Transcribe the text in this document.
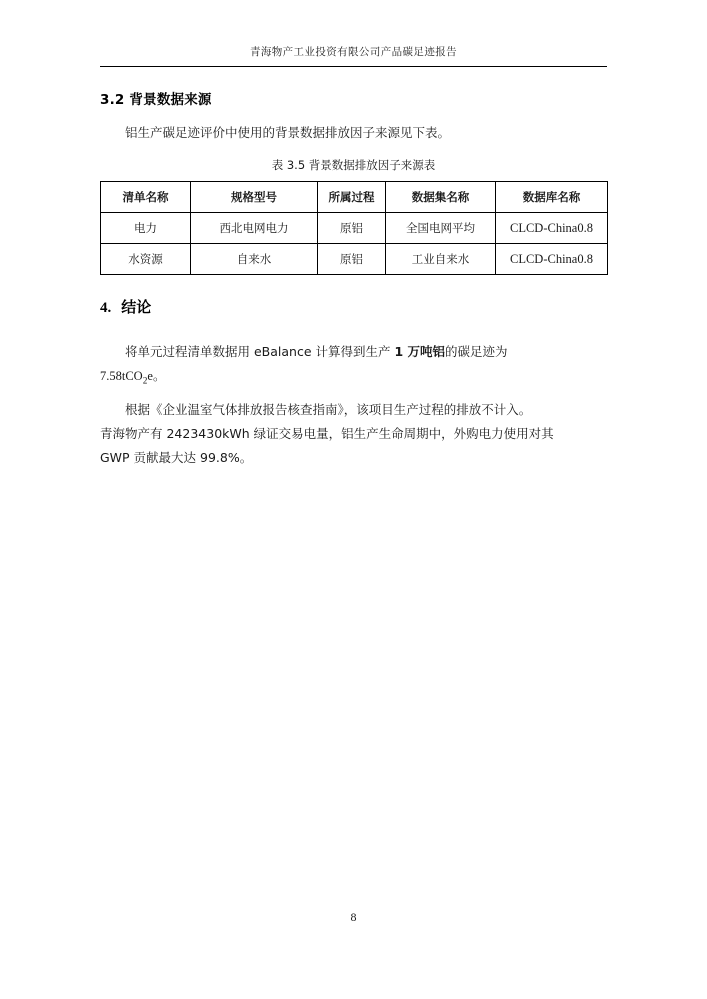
青海物产工业投资有限公司产品碳足迹报告
3.2 背景数据来源

铝生产碳足迹评价中使用的背景数据排放因子来源见下表。

表 3.5 背景数据排放因子来源表
清单名称	规格型号	所属过程	数据集名称	数据库名称
电力	西北电网电力	原铝	全国电网平均	CLCD-China0.8
水资源	自来水	原铝	工业自来水	CLCD-China0.8
4. 结论

将单元过程清单数据用 eBalance 计算得到生产 1 万吨铝的碳足迹为
7.58tCO$_2$e。

根据《企业温室气体排放报告核查指南》，该项目生产过程的排放不计入。
青海物产有 2423430kWh 绿证交易电量，铝生产生命周期中，外购电力使用对其
GWP 贡献最大达 99.8%。

8
